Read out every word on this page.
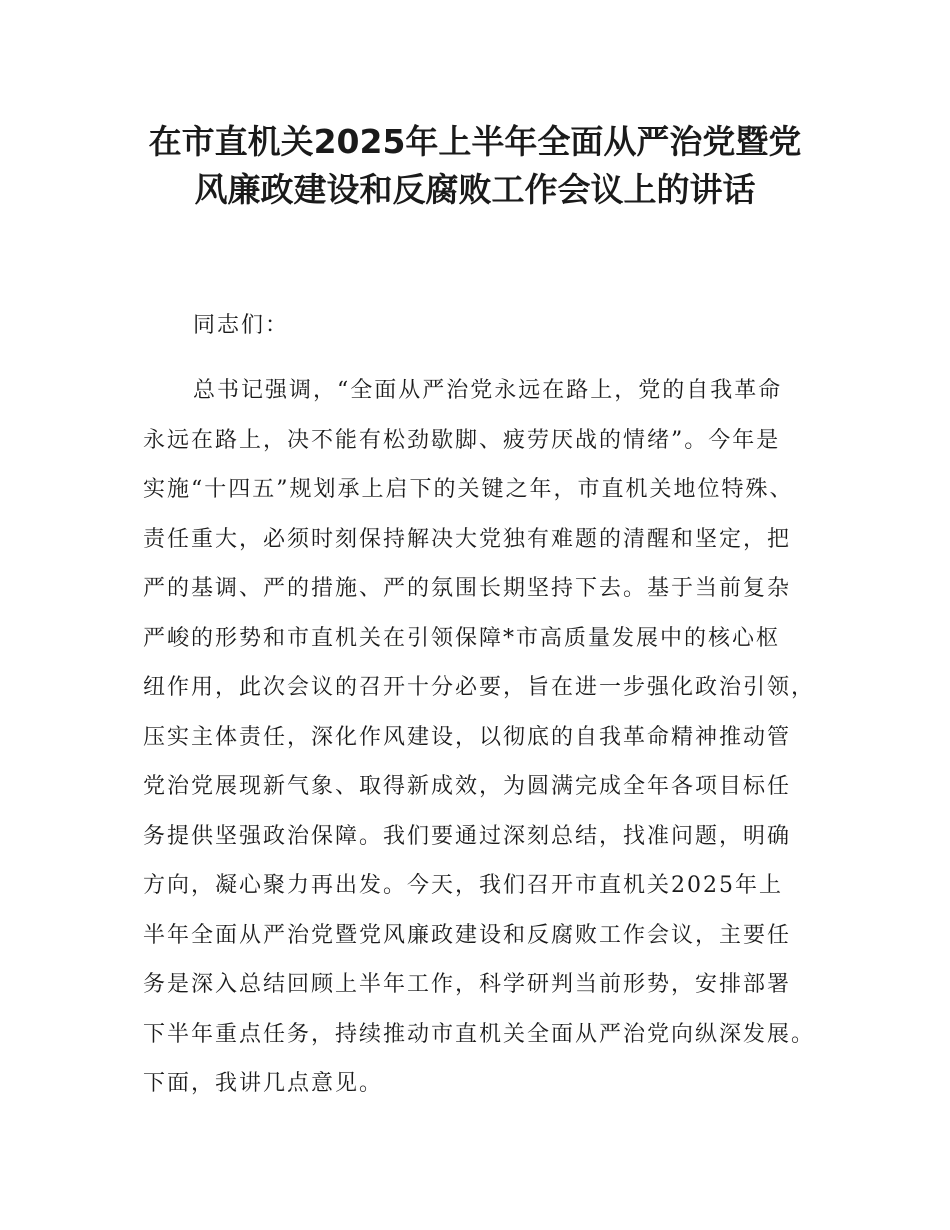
在市直机关2025年上半年全面从严治党暨党
风廉政建设和反腐败工作会议上的讲话
同志们：
总书记强调，“全面从严治党永远在路上，党的自我革命
永远在路上，决不能有松劲歇脚、疲劳厌战的情绪”。今年是
实施“十四五”规划承上启下的关键之年，市直机关地位特殊、
责任重大，必须时刻保持解决大党独有难题的清醒和坚定，把
严的基调、严的措施、严的氛围长期坚持下去。基于当前复杂
严峻的形势和市直机关在引领保障*市高质量发展中的核心枢
纽作用，此次会议的召开十分必要，旨在进一步强化政治引领，
压实主体责任，深化作风建设，以彻底的自我革命精神推动管
党治党展现新气象、取得新成效，为圆满完成全年各项目标任
务提供坚强政治保障。我们要通过深刻总结，找准问题，明确
方向，凝心聚力再出发。今天，我们召开市直机关2025年上
半年全面从严治党暨党风廉政建设和反腐败工作会议，主要任
务是深入总结回顾上半年工作，科学研判当前形势，安排部署
下半年重点任务，持续推动市直机关全面从严治党向纵深发展。
下面，我讲几点意见。
